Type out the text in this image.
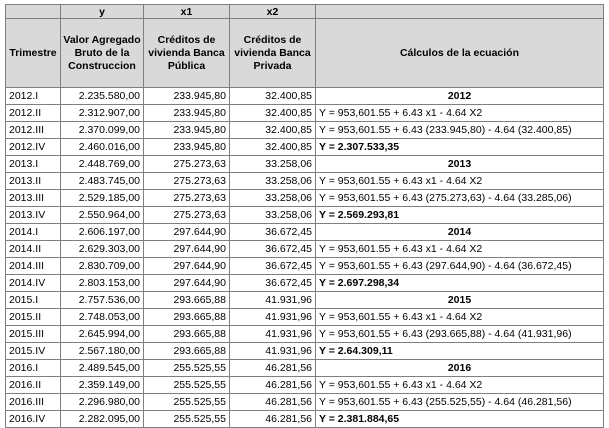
	y	x1	x2	
Trimestre	Valor Agregado Bruto de la Construccion	Créditos de vivienda Banca Pública	Créditos de vivienda Banca Privada	Cálculos de la ecuación
2012.I	2.235.580,00	233.945,80	32.400,85	2012
2012.II	2.312.907,00	233.945,80	32.400,85	Y = 953,601.55 + 6.43 x1 - 4.64 X2
2012.III	2.370.099,00	233.945,80	32.400,85	Y = 953,601.55 + 6.43 (233.945,80) - 4.64 (32.400,85)
2012.IV	2.460.016,00	233.945,80	32.400,85	Y = 2.307.533,35
2013.I	2.448.769,00	275.273,63	33.258,06	2013
2013.II	2.483.745,00	275.273,63	33.258,06	Y = 953,601.55 + 6.43 x1 - 4.64 X2
2013.III	2.529.185,00	275.273,63	33.258,06	Y = 953,601.55 + 6.43 (275.273,63) - 4.64 (33.285,06)
2013.IV	2.550.964,00	275.273,63	33.258,06	Y = 2.569.293,81
2014.I	2.606.197,00	297.644,90	36.672,45	2014
2014.II	2.629.303,00	297.644,90	36.672,45	Y = 953,601.55 + 6.43 x1 - 4.64 X2
2014.III	2.830.709,00	297.644,90	36.672,45	Y = 953,601.55 + 6.43 (297.644,90) - 4.64 (36.672,45)
2014.IV	2.803.153,00	297.644,90	36.672,45	Y = 2.697.298,34
2015.I	2.757.536,00	293.665,88	41.931,96	2015
2015.II	2.748.053,00	293.665,88	41.931,96	Y = 953,601.55 + 6.43 x1 - 4.64 X2
2015.III	2.645.994,00	293.665,88	41.931,96	Y = 953,601.55 + 6.43 (293.665,88) - 4.64 (41.931,96)
2015.IV	2.567.180,00	293.665,88	41.931,96	Y = 2.64.309,11
2016.I	2.489.545,00	255.525,55	46.281,56	2016
2016.II	2.359.149,00	255.525,55	46.281,56	Y = 953,601.55 + 6.43 x1 - 4.64 X2
2016.III	2.296.980,00	255.525,55	46.281,56	Y = 953,601.55 + 6.43 (255.525,55) - 4.64 (46.281,56)
2016.IV	2.282.095,00	255.525,55	46.281,56	Y = 2.381.884,65
